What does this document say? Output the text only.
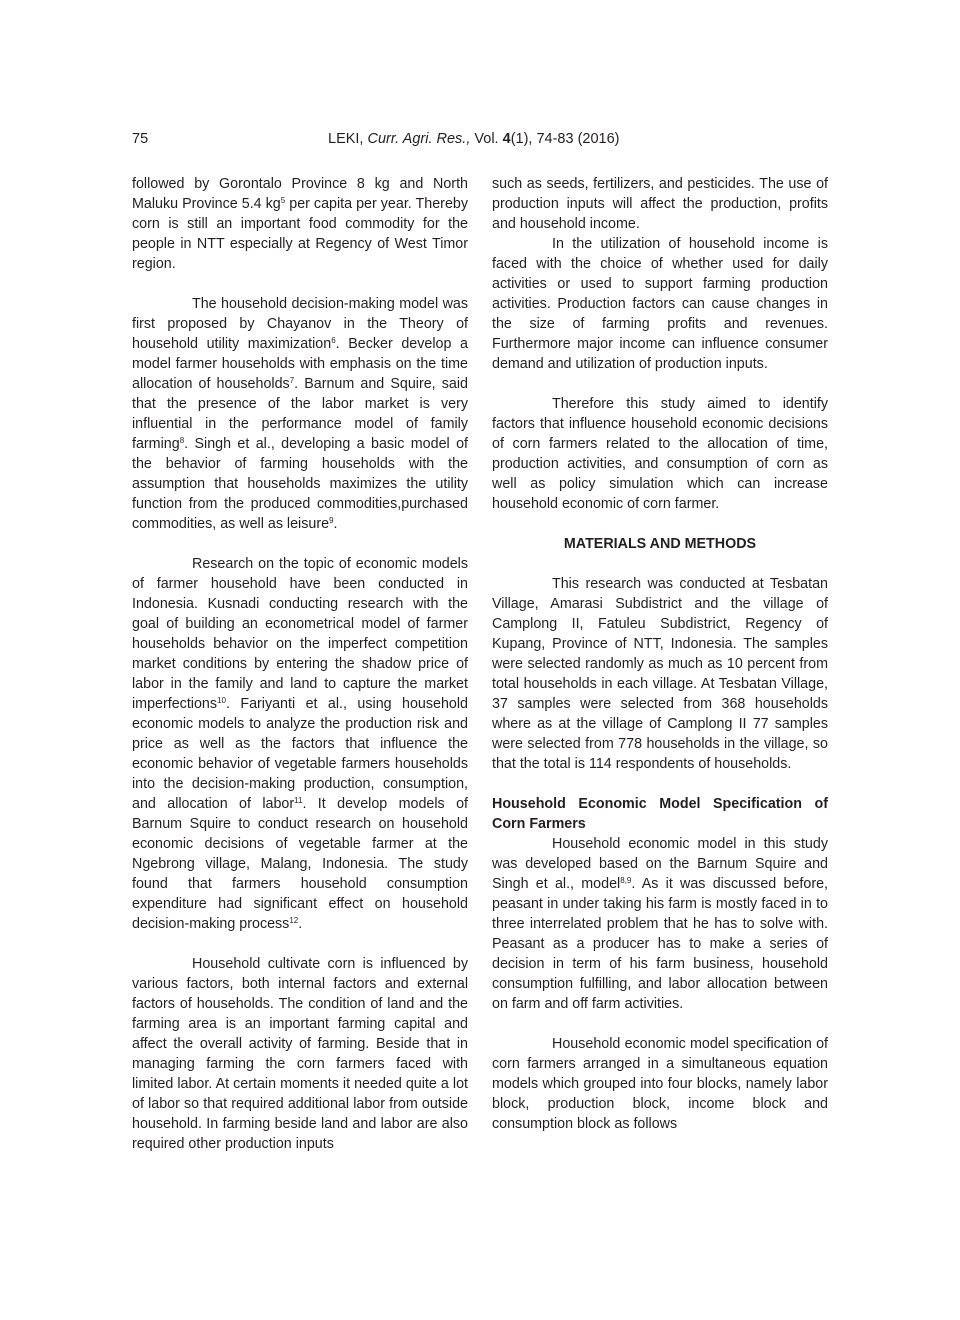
75	LEKI, Curr. Agri. Res., Vol. 4(1), 74-83 (2016)

followed by Gorontalo Province 8 kg and North Maluku Province 5.4 $kg^5$ per capita per year. Thereby corn is still an important food commodity for the people in NTT especially at Regency of West Timor region.

The household decision-making model was first proposed by Chayanov in the Theory of household utility maximization$^6$. Becker develop a model farmer households with emphasis on the time allocation of households$^7$. Barnum and Squire, said that the presence of the labor market is very influential in the performance model of family farming$^8$. Singh et al., developing a basic model of the behavior of farming households with the assumption that households maximizes the utility function from the produced commodities,purchased commodities, as well as leisure$^9$.

Research on the topic of economic models of farmer household have been conducted in Indonesia. Kusnadi conducting research with the goal of building an econometrical model of farmer households behavior on the imperfect competition market conditions by entering the shadow price of labor in the family and land to capture the market imperfections$^{10}$. Fariyanti et al., using household economic models to analyze the production risk and price as well as the factors that influence the economic behavior of vegetable farmers households into the decision-making production, consumption, and allocation of labor$^{11}$. It develop models of Barnum Squire to conduct research on household economic decisions of vegetable farmer at the Ngebrong village, Malang, Indonesia. The study found that farmers household consumption expenditure had significant effect on household decision-making process$^{12}$.

Household cultivate corn is influenced by various factors, both internal factors and external factors of households. The condition of land and the farming area is an important farming capital and affect the overall activity of farming. Beside that in managing farming the corn farmers faced with limited labor. At certain moments it needed quite a lot of labor so that required additional labor from outside household. In farming beside land and labor are also required other production inputs

such as seeds, fertilizers, and pesticides. The use of production inputs will affect the production, profits and household income.

In the utilization of household income is faced with the choice of whether used for daily activities or used to support farming production activities. Production factors can cause changes in the size of farming profits and revenues. Furthermore major income can influence consumer demand and utilization of production inputs.

Therefore this study aimed to identify factors that influence household economic decisions of corn farmers related to the allocation of time, production activities, and consumption of corn as well as policy simulation which can increase household economic of corn farmer.

MATERIALS AND METHODS

This research was conducted at Tesbatan Village, Amarasi Subdistrict and the village of Camplong II, Fatuleu Subdistrict, Regency of Kupang, Province of NTT, Indonesia. The samples were selected randomly as much as 10 percent from total households in each village. At Tesbatan Village, 37 samples were selected from 368 households where as at the village of Camplong II 77 samples were selected from 778 households in the village, so that the total is 114 respondents of households.

Household Economic Model Specification of Corn Farmers

Household economic model in this study was developed based on the Barnum Squire and Singh et al., model$^{8,9}$. As it was discussed before, peasant in under taking his farm is mostly faced in to three interrelated problem that he has to solve with. Peasant as a producer has to make a series of decision in term of his farm business, household consumption fulfilling, and labor allocation between on farm and off farm activities.

Household economic model specification of corn farmers arranged in a simultaneous equation models which grouped into four blocks, namely labor block, production block, income block and consumption block as follows
